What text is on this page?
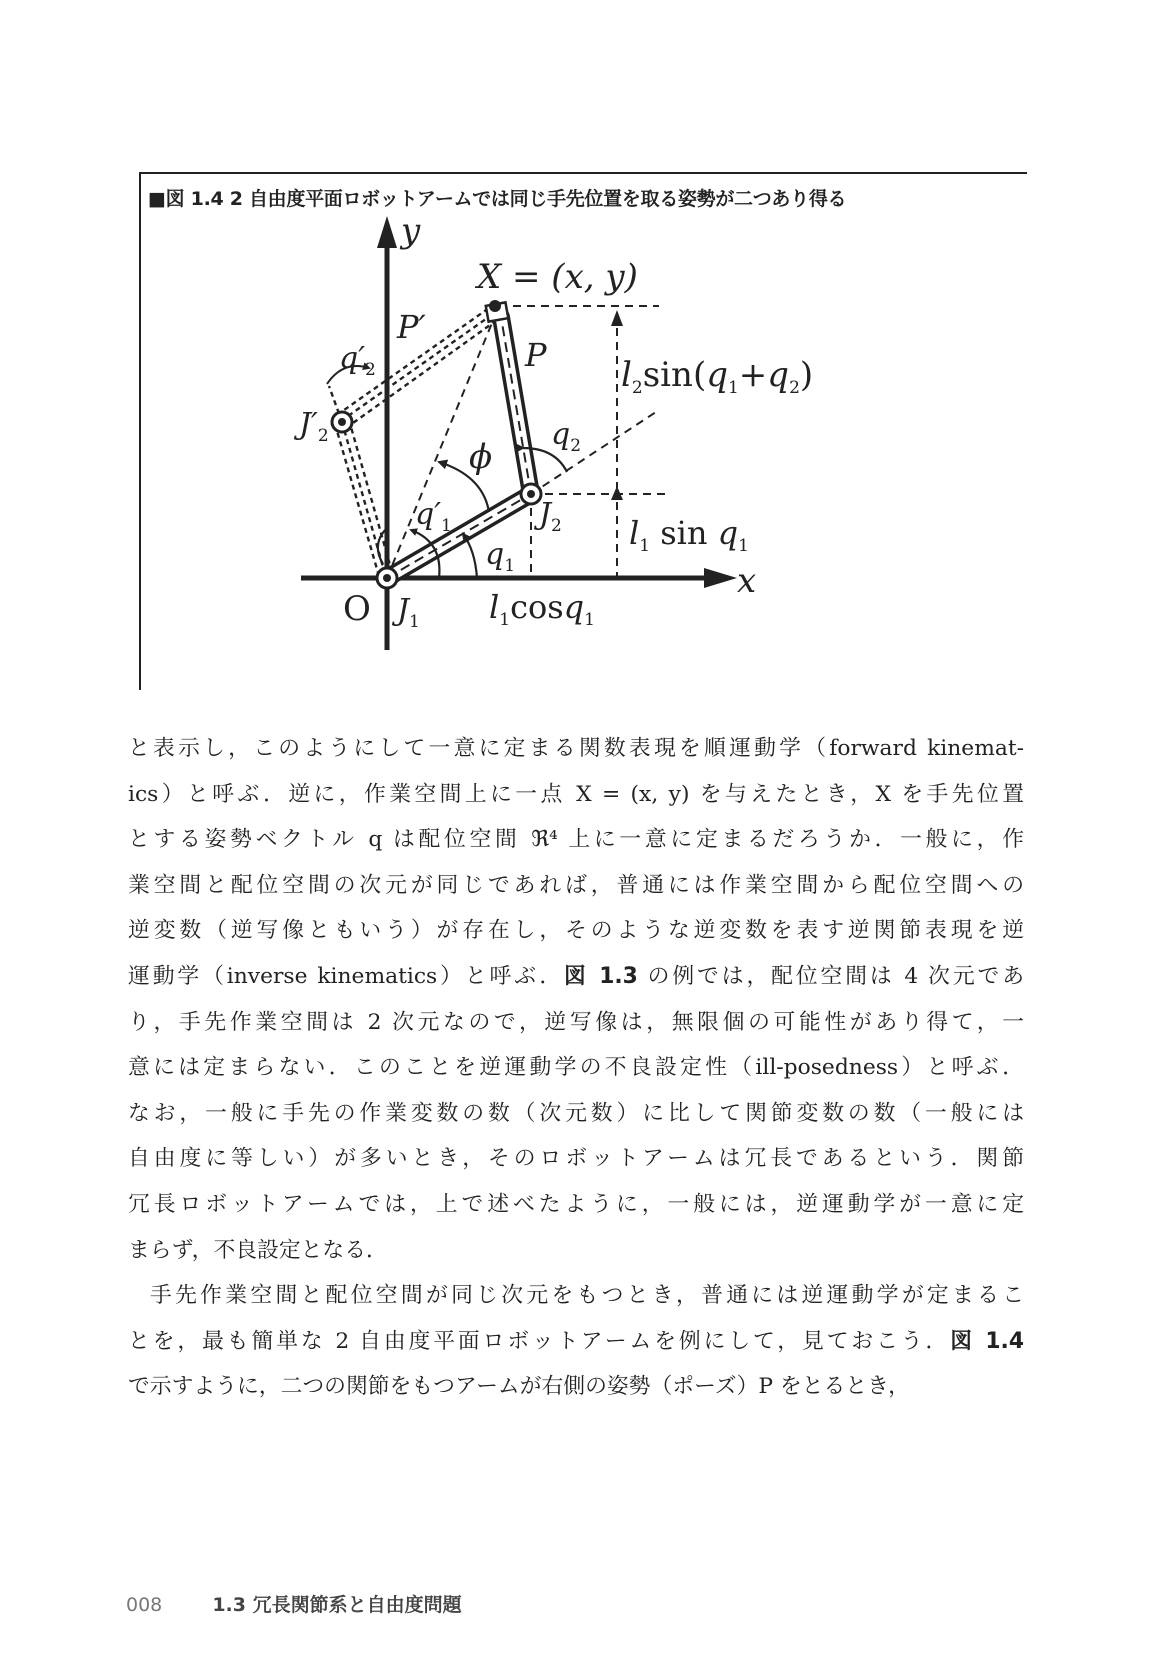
■図 1.4 2 自由度平面ロボットアームでは同じ手先位置を取る姿勢が二つあり得る
y
x
X = (x, y)
P′
P
$q'_2$
$J'_2$	$q_2$
ϕ
$q'_1$	$J_2$
$q_1$
O $J_1$ $l_1\cos q_1$
$l_1$ $\sin q_1$
$l_2\sin(q_1+q_2)$
と表示し，このようにして一意に定まる関数表現を順運動学（forward kinemat-
ics）と呼ぶ．逆に，作業空間上に一点 X = (x, y) を与えたとき，X を手先位置
とする姿勢ベクトル q は配位空間 ℜ⁴ 上に一意に定まるだろうか．一般に，作
業空間と配位空間の次元が同じであれば，普通には作業空間から配位空間への
逆変数（逆写像ともいう）が存在し，そのような逆変数を表す逆関節表現を逆
運動学（inverse kinematics）と呼ぶ．図 1.3 の例では，配位空間は 4 次元であ
り，手先作業空間は 2 次元なので，逆写像は，無限個の可能性があり得て，一
意には定まらない．このことを逆運動学の不良設定性（ill-posedness）と呼ぶ．
なお，一般に手先の作業変数の数（次元数）に比して関節変数の数（一般には
自由度に等しい）が多いとき，そのロボットアームは冗長であるという．関節
冗長ロボットアームでは，上で述べたように，一般には，逆運動学が一意に定
まらず，不良設定となる．
手先作業空間と配位空間が同じ次元をもつとき，普通には逆運動学が定まるこ
とを，最も簡単な 2 自由度平面ロボットアームを例にして，見ておこう．図 1.4
で示すように，二つの関節をもつアームが右側の姿勢（ポーズ）P をとるとき，
008	1.3 冗長関節系と自由度問題
